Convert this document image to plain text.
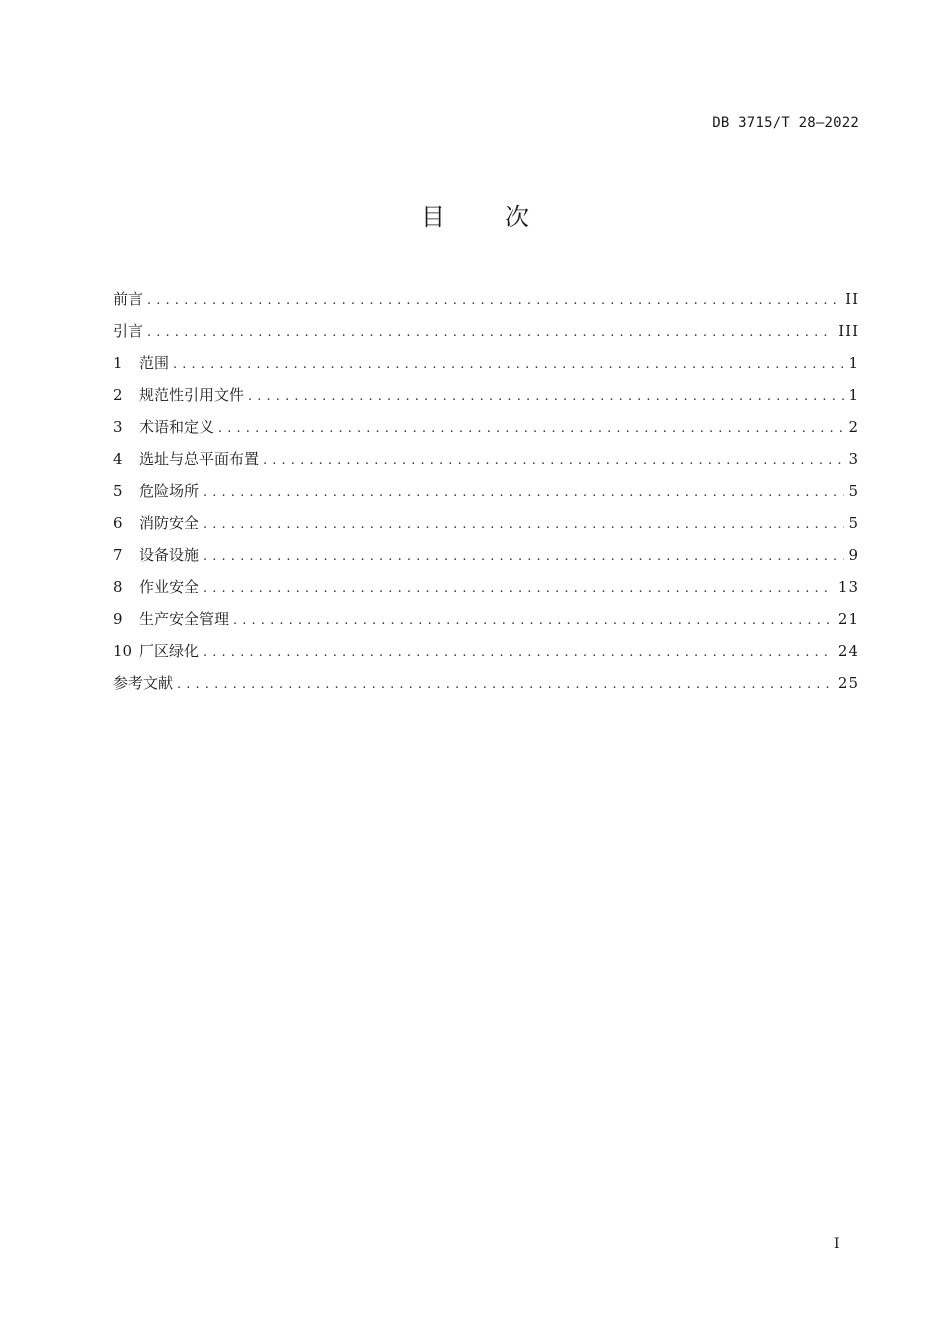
DB 3715/T 28—2022
目	次
前言 . . .	II
引言 . . .	III
1	范围 . . .	1
2	规范性引用文件 . . .	1
3	术语和定义 . . .	2
4	选址与总平面布置 . . .	3
5	危险场所 . . .	5
6	消防安全 . . .	5
7	设备设施 . . .	9
8	作业安全 . . .	13
9	生产安全管理 . . .	21
10 厂区绿化 . . .	24
参考文献 . . .	25
I
